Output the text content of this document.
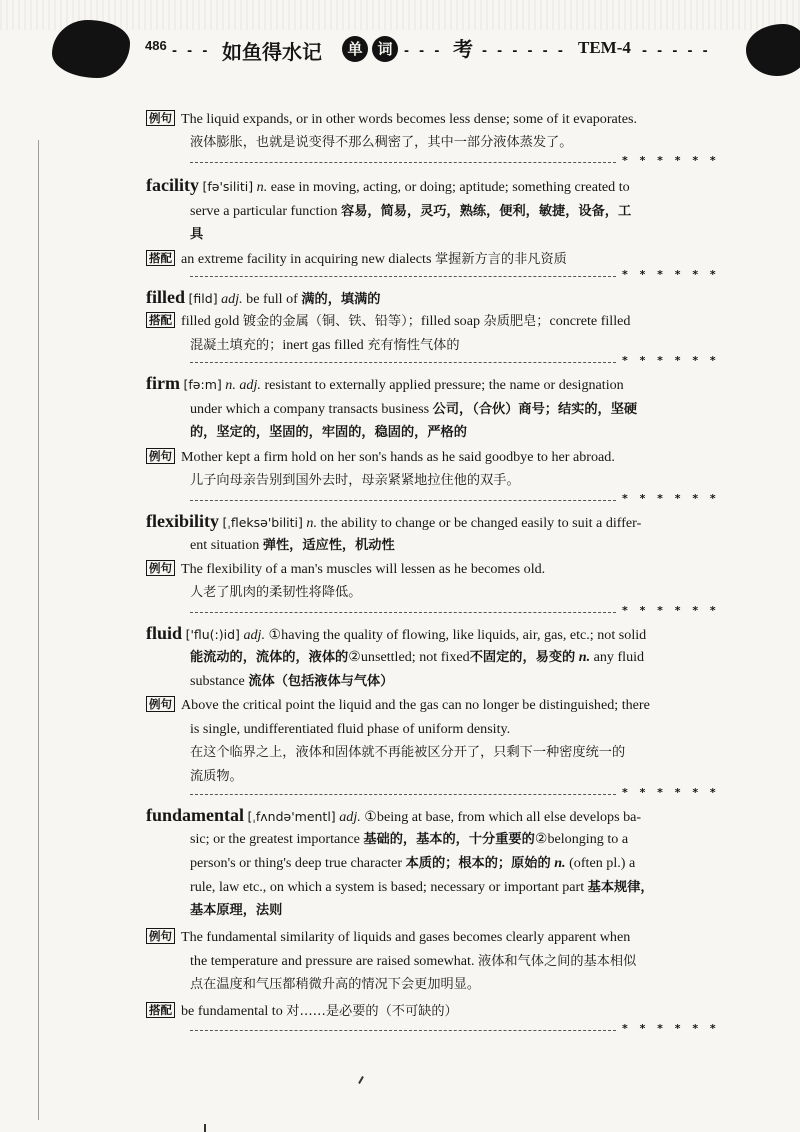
486 - - - 如鱼得水记	单 词 - - - 考 - - - - - - TEM-4 - - - - -
例句 The liquid expands, or in other words becomes less dense; some of it evaporates.
液体膨胀，也就是说变得不那么稠密了，其中一部分液体蒸发了。
* * * * * *
facility [fə'siliti] n. ease in moving, acting, or doing; aptitude; something created to
serve a particular function 容易，简易，灵巧，熟练，便利，敏捷，设备，工
具
搭配 an extreme facility in acquiring new dialects 掌握新方言的非凡资质
* * * * * *
filled [fild] adj. be full of 满的，填满的
搭配 filled gold 镀金的金属（铜、铁、铅等）；filled soap 杂质肥皂；concrete filled
混凝土填充的；inert gas filled 充有惰性气体的
* * * * * *
firm [fə:m] n. adj. resistant to externally applied pressure; the name or designation
under which a company transacts business 公司，（合伙）商号；结实的，坚硬
的，坚定的，坚固的，牢固的，稳固的，严格的
例句 Mother kept a firm hold on her son's hands as he said goodbye to her abroad.
儿子向母亲告别到国外去时，母亲紧紧地拉住他的双手。
* * * * * *
flexibility [ˌfleksə'biliti] n. the ability to change or be changed easily to suit a differ-
ent situation 弹性，适应性，机动性
例句 The flexibility of a man's muscles will lessen as he becomes old.
人老了肌肉的柔韧性将降低。
* * * * * *
fluid ['flu(:)id] adj. ①having the quality of flowing, like liquids, air, gas, etc.; not solid
能流动的，流体的，液体的②unsettled; not fixed不固定的，易变的 n. any fluid
substance 流体（包括液体与气体）
例句 Above the critical point the liquid and the gas can no longer be distinguished; there
is single, undifferentiated fluid phase of uniform density.
在这个临界之上，液体和固体就不再能被区分开了，只剩下一种密度统一的
流质物。
* * * * * *
fundamental [ˌfʌndə'mentl] adj. ①being at base, from which all else develops ba-
sic; or the greatest importance 基础的，基本的，十分重要的②belonging to a
person's or thing's deep true character 本质的；根本的；原始的 n. (often pl.) a
rule, law etc., on which a system is based; necessary or important part 基本规律，
基本原理，法则
例句 The fundamental similarity of liquids and gases becomes clearly apparent when
the temperature and pressure are raised somewhat. 液体和气体之间的基本相似
点在温度和气压都稍微升高的情况下会更加明显。
搭配 be fundamental to 对……是必要的（不可缺的）
* * * * * *
